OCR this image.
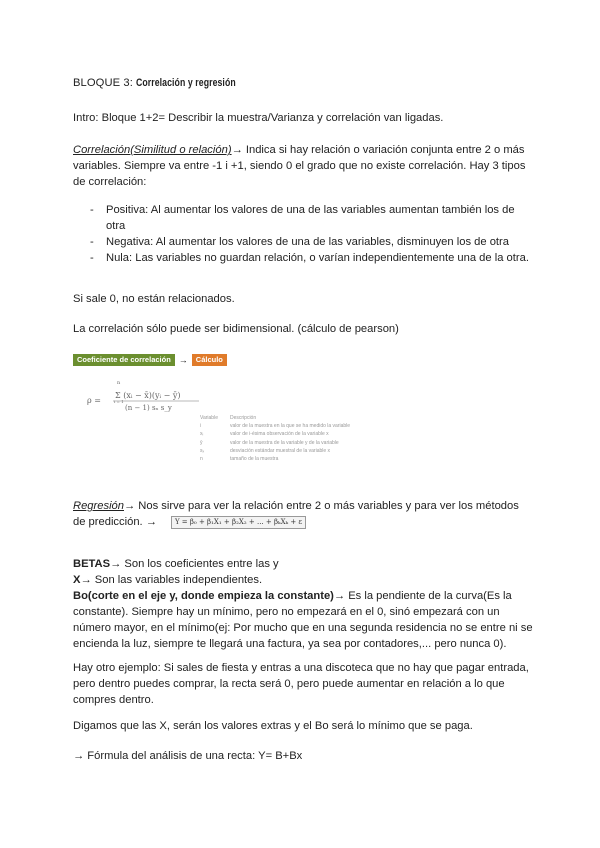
BLOQUE 3: Correlación y regresión

Intro: Bloque 1+2= Describir la muestra/Varianza y correlación van ligadas.

Correlación(Similitud o relación)→ Indica si hay relación o variación conjunta entre 2 o más variables. Siempre va entre -1 i +1, siendo 0 el grado que no existe correlación. Hay 3 tipos de correlación:

- Positiva: Al aumentar los valores de una de las variables aumentan también los de otra
- Negativa: Al aumentar los valores de una de las variables, disminuyen los de otra
- Nula: Las variables no guardan relación, o varían independientemente una de la otra.

Si sale 0, no están relacionados.

La correlación sólo puede ser bidimensional. (cálculo de pearson)

Coeficiente de correlación →	Cálculo
ρ =
n
Σ (xᵢ − x̄)(yᵢ − ȳ)
i = 1
(n − 1) sₓ s_y
Variable	Descripción
i	valor de la muestra en la que se ha medido la variable
xᵢ	valor de i-ésima observación de la variable x
ȳ	valor de la muestra de la variable y de la variable
sₓ	desviación estándar muestral de la variable x
n	tamaño de la muestra

Regresión→ Nos sirve para ver la relación entre 2 o más variables y para ver los métodos de predicción. →	Y = β₀ + β₁X₁ + β₂X₂ + ... + βₖXₖ + ε

BETAS→ Son los coeficientes entre las y

X→ Son las variables independientes.

Bo(corte en el eje y, donde empieza la constante)→ Es la pendiente de la curva(Es la constante). Siempre hay un mínimo, pero no empezará en el 0, sinó empezará con un número mayor, en el mínimo(ej: Por mucho que en una segunda residencia no se entre ni se encienda la luz, siempre te llegará una factura, ya sea por contadores,... pero nunca 0).

Hay otro ejemplo: Si sales de fiesta y entras a una discoteca que no hay que pagar entrada, pero dentro puedes comprar, la recta será 0, pero puede aumentar en relación a lo que compres dentro.

Digamos que las X, serán los valores extras y el Bo será lo mínimo que se paga.

→ Fórmula del análisis de una recta: Y= B+Bx
